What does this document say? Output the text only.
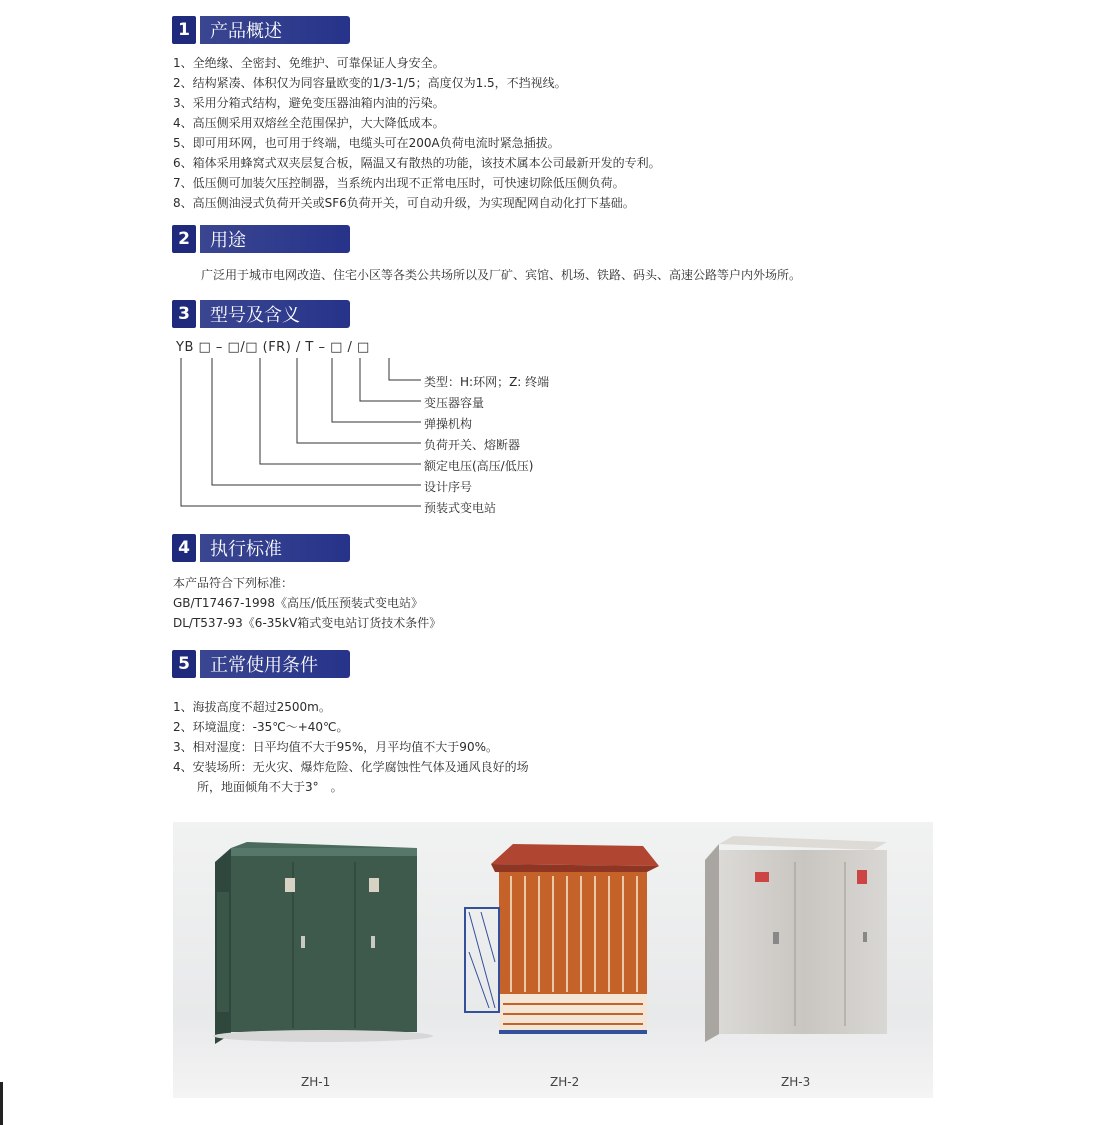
1	产品概述
1、全绝缘、全密封、免维护、可靠保证人身安全。
2、结构紧凑、体积仅为同容量欧变的1/3-1/5；高度仅为1.5，不挡视线。
3、采用分箱式结构，避免变压器油箱内油的污染。
4、高压侧采用双熔丝全范围保护，大大降低成本。
5、即可用环网，也可用于终端，电缆头可在200A负荷电流时紧急插拔。
6、箱体采用蜂窝式双夹层复合板，隔温又有散热的功能，该技术属本公司最新开发的专利。
7、低压侧可加装欠压控制器，当系统内出现不正常电压时，可快速切除低压侧负荷。
8、高压侧油浸式负荷开关或SF6负荷开关，可自动升级，为实现配网自动化打下基础。
2	用途
广泛用于城市电网改造、住宅小区等各类公共场所以及厂矿、宾馆、机场、铁路、码头、高速公路等户内外场所。
3	型号及含义
YB □ – □/□ (FR) / T – □ / □
类型：H:环网；Z: 终端
变压器容量
弹操机构
负荷开关、熔断器
额定电压(高压/低压)
设计序号
预装式变电站
4	执行标准
本产品符合下列标准：
GB/T17467-1998《高压/低压预装式变电站》
DL/T537-93《6-35kV箱式变电站订货技术条件》
5	正常使用条件
1、海拔高度不超过2500m。
2、环境温度：-35℃～+40℃。
3、相对湿度：日平均值不大于95%，月平均值不大于90%。
4、安装场所：无火灾、爆炸危险、化学腐蚀性气体及通风良好的场
　　所，地面倾角不大于3°　。
ZH-1	ZH-2	ZH-3
